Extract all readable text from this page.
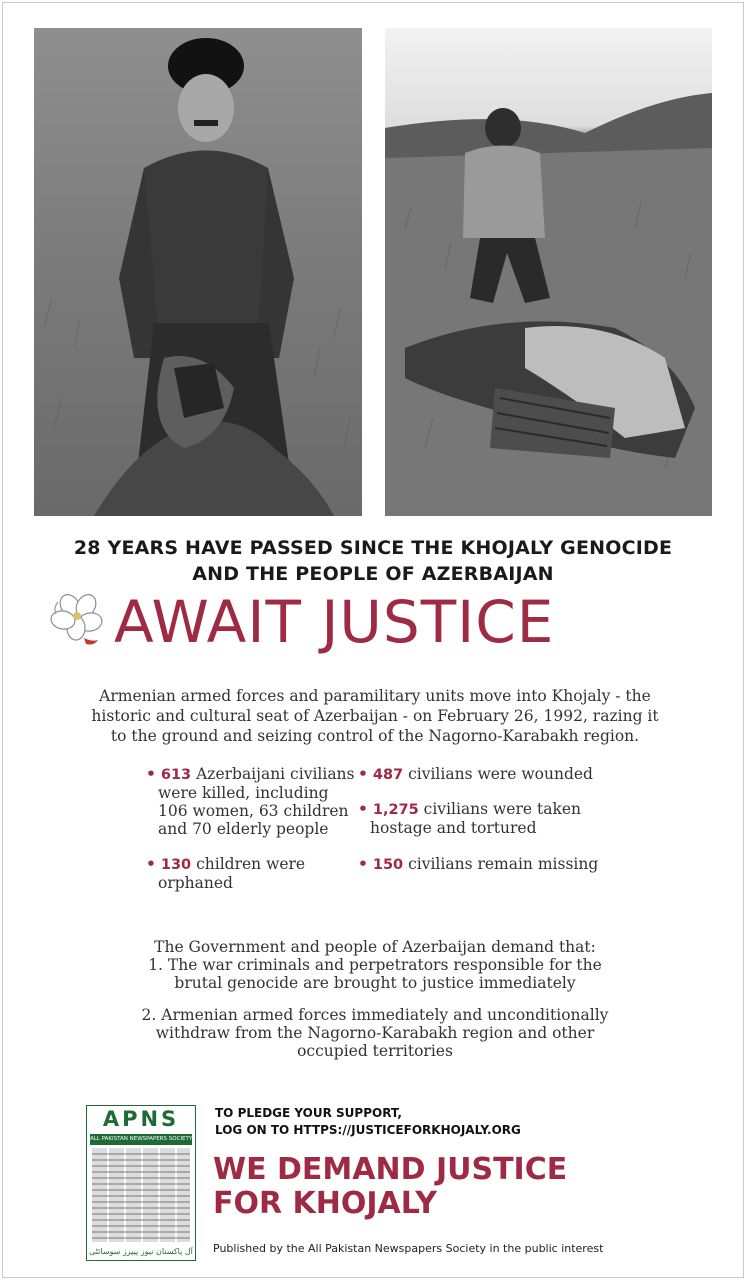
28 YEARS HAVE PASSED SINCE THE KHOJALY GENOCIDE
AND THE PEOPLE OF AZERBAIJAN
AWAIT JUSTICE
Armenian armed forces and paramilitary units move into Khojaly - the
historic and cultural seat of Azerbaijan - on February 26, 1992, razing it
to the ground and seizing control of the Nagorno-Karabakh region.
• 613 Azerbaijani civilians
were killed, including
106 women, 63 children
and 70 elderly people
• 487 civilians were wounded
• 1,275 civilians were taken
hostage and tortured
• 130 children were
orphaned
• 150 civilians remain missing
The Government and people of Azerbaijan demand that:
1. The war criminals and perpetrators responsible for the
brutal genocide are brought to justice immediately
2. Armenian armed forces immediately and unconditionally
withdraw from the Nagorno-Karabakh region and other
occupied territories
APNS
ALL PAKISTAN NEWSPAPERS SOCIETY
آل پاکستان نیوز پیپرز سوسائٹی
TO PLEDGE YOUR SUPPORT,
LOG ON TO HTTPS://JUSTICEFORKHOJALY.ORG
WE DEMAND JUSTICE
FOR KHOJALY
Published by the All Pakistan Newspapers Society in the public interest
